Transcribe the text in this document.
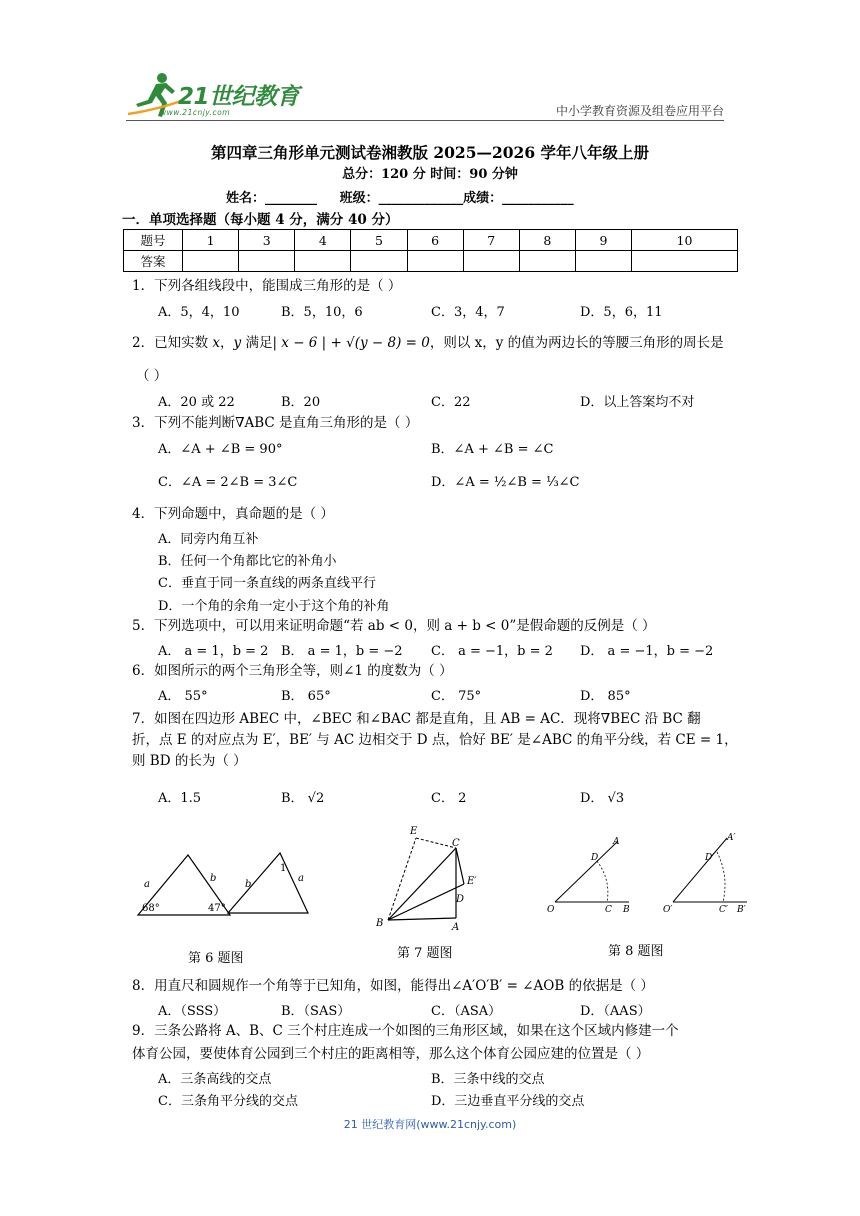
21世纪教育
www.21cnjy.com	中小学教育资源及组卷应用平台
第四章三角形单元测试卷湘教版 2025—2026 学年八年级上册
总分：120 分 时间：90 分钟
姓名：________     班级：_____________成绩：___________
一．单项选择题（每小题 4 分，满分 40 分）
题号	1	3	4	5	6	7	8	9	10
答案									
1．下列各组线段中，能围成三角形的是（ ）
A．5，4，10	B．5，10，6	C．3，4，7	D．5，6，11
2．已知实数 x，y 满足| x − 6 | + √(y − 8) = 0，则以 x，y 的值为两边长的等腰三角形的周长是
（ ）
A．20 或 22	B．20	C．22	D．以上答案均不对
3．下列不能判断∇ABC 是直角三角形的是（ ）
A．∠A + ∠B = 90°	B．∠A + ∠B = ∠C
C．∠A = 2∠B = 3∠C	D．∠A = ½∠B = ⅓∠C
4．下列命题中，真命题的是（ ）
A．同旁内角互补
B．任何一个角都比它的补角小
C．垂直于同一条直线的两条直线平行
D．一个角的余角一定小于这个角的补角
5．下列选项中，可以用来证明命题“若 ab < 0，则 a + b < 0”是假命题的反例是（ ）
A． a = 1，b = 2 B． a = 1，b = −2 C． a = −1，b = 2 D． a = −1，b = −2
6．如图所示的两个三角形全等，则∠1 的度数为（ ）
A． 55°	B． 65°	C． 75°	D． 85°
7．如图在四边形 ABEC 中，∠BEC 和∠BAC 都是直角，且 AB = AC．现将∇BEC 沿 BC 翻
折，点 E 的对应点为 E′，BE′ 与 AC 边相交于 D 点，恰好 BE′ 是∠ABC 的角平分线，若 CE = 1，
则 BD 的长为（ ）
A．1.5	B． √2	C． 2	D． √3
a
b
68°	47°
b
1
a
第 6 题图
E
C
E′
D
B	A
第 7 题图
A
D
O	C B
A′
D′
O′	C′ B′
第 8 题图
8．用直尺和圆规作一个角等于已知角，如图，能得出∠A′O′B′ = ∠AOB 的依据是（ ）
A．（SSS）	B．（SAS）	C．（ASA）	D．（AAS）
9．三条公路将 A、B、C 三个村庄连成一个如图的三角形区域，如果在这个区域内修建一个
体育公园，要使体育公园到三个村庄的距离相等，那么这个体育公园应建的位置是（ ）
A．三条高线的交点	B．三条中线的交点
C．三条角平分线的交点	D．三边垂直平分线的交点
21 世纪教育网(www.21cnjy.com)
